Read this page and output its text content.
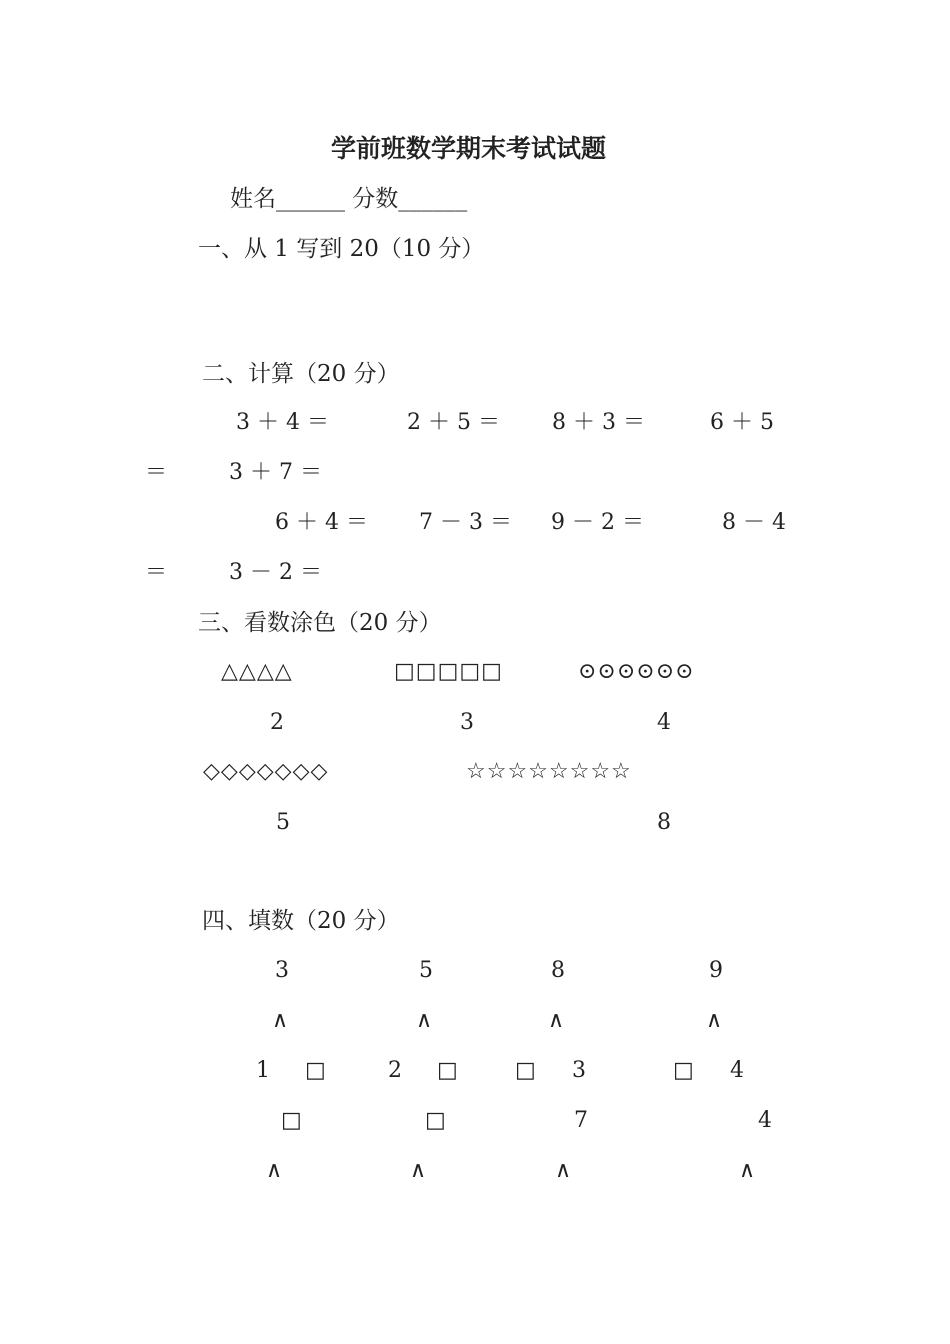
学前班数学期末考试试题
姓名______ 分数______
一、从 1 写到 20（10 分）
二、计算（20 分）
3 ＋ 4 ＝	2 ＋ 5 ＝ 8 ＋ 3 ＝	6 ＋ 5
＝	3 ＋ 7 ＝
6 ＋ 4 ＝ 7 － 3 ＝ 9 － 2 ＝	8 － 4
＝	3 － 2 ＝
三、看数涂色（20 分）
△△△△	□□□□□	⊙⊙⊙⊙⊙⊙
2	3	4
◇◇◇◇◇◇◇	☆☆☆☆☆☆☆☆
5	8
四、填数（20 分）
3	5	8	9
∧	∧	∧	∧
1 □	2 □	□ 3	□ 4
□	□	7	4
∧	∧	∧	∧
